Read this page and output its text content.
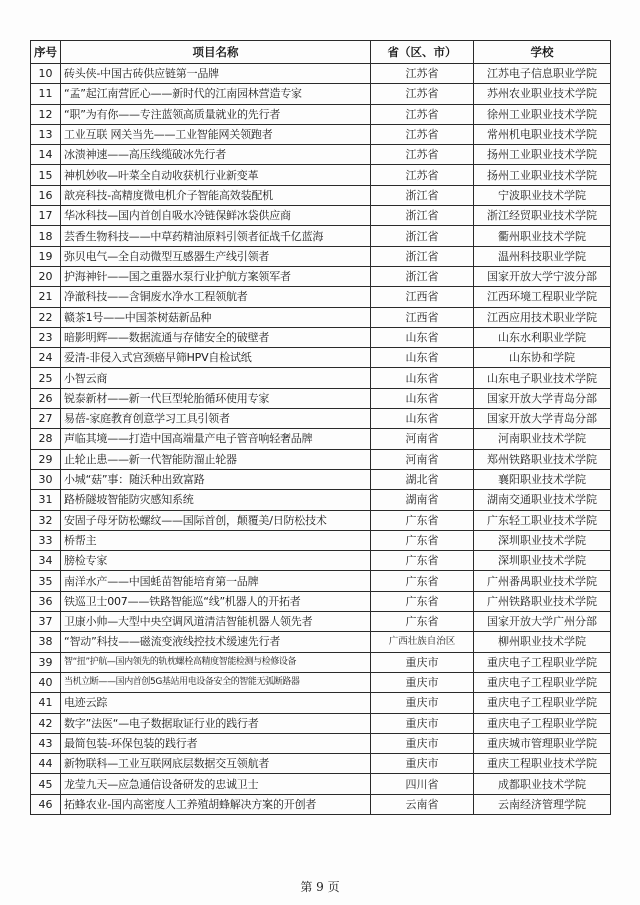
序号	项目名称	省（区、市）	学校
10	砖头侠-中国古砖供应链第一品牌	江苏省	江苏电子信息职业学院
11	“孟”起江南营匠心——新时代的江南园林营造专家	江苏省	苏州农业职业技术学院
12	“职”为有你——专注蓝领高质量就业的先行者	江苏省	徐州工业职业技术学院
13	工业互联 网关当先——工业智能网关领跑者	江苏省	常州机电职业技术学院
14	冰溃神速——高压线缆破冰先行者	江苏省	扬州工业职业技术学院
15	神机妙收—叶菜全自动收获机行业新变革	江苏省	扬州工业职业技术学院
16	歆亮科技-高精度微电机介子智能高效装配机	浙江省	宁波职业技术学院
17	华冰科技—国内首创自吸水冷链保鲜冰袋供应商	浙江省	浙江经贸职业技术学院
18	芸香生物科技——中草药精油原料引领者征战千亿蓝海	浙江省	衢州职业技术学院
19	弥贝电气—全自动微型互感器生产线引领者	浙江省	温州科技职业学院
20	护海神针——国之重器水泵行业护航方案领军者	浙江省	国家开放大学宁波分部
21	净澈科技——含铜废水净水工程领航者	江西省	江西环境工程职业学院
22	赣茶1号——中国茶树菇新品种	江西省	江西应用技术职业学院
23	暗影明辉——数据流通与存储安全的破壁者	山东省	山东水利职业学院
24	爱清-非侵入式宫颈癌早筛HPV自检试纸	山东省	山东协和学院
25	小智云商	山东省	山东电子职业技术学院
26	锐泰新材——新一代巨型轮胎循环使用专家	山东省	国家开放大学青岛分部
27	易蓓-家庭教育创意学习工具引领者	山东省	国家开放大学青岛分部
28	声临其境——打造中国高端量产电子管音响轻奢品牌	河南省	河南职业技术学院
29	止轮止患——新一代智能防溜止轮器	河南省	郑州铁路职业技术学院
30	小城“菇”事：随沃种出致富路	湖北省	襄阳职业技术学院
31	路桥隧坡智能防灾感知系统	湖南省	湖南交通职业技术学院
32	安固子母牙防松螺纹——国际首创，颠覆美/日防松技术	广东省	广东轻工职业技术学院
33	桥帮主	广东省	深圳职业技术学院
34	膀检专家	广东省	深圳职业技术学院
35	南洋水产——中国蚝苗智能培育第一品牌	广东省	广州番禺职业技术学院
36	铁巡卫士007——铁路智能巡“线”机器人的开拓者	广东省	广州铁路职业技术学院
37	卫康小帅—大型中央空调风道清洁智能机器人领先者	广东省	国家开放大学广州分部
38	“智动”科技——磁流变液线控技术缓速先行者	广西壮族自治区	柳州职业技术学院
39	智“扭”护航—国内领先的轨枕螺栓高精度智能检测与检修设备	重庆市	重庆电子工程职业学院
40	当机立断——国内首创5G基站用电设备安全的智能无弧断路器	重庆市	重庆电子工程职业学院
41	电迹云踪	重庆市	重庆电子工程职业学院
42	数字”法医“—电子数据取证行业的践行者	重庆市	重庆电子工程职业学院
43	最简包装-环保包装的践行者	重庆市	重庆城市管理职业学院
44	新物联科—工业互联网底层数据交互领航者	重庆市	重庆工程职业技术学院
45	龙莹九天—应急通信设备研发的忠诚卫士	四川省	成都职业技术学院
46	拓蜂农业-国内高密度人工养殖胡蜂解决方案的开创者	云南省	云南经济管理学院
第 9 页
